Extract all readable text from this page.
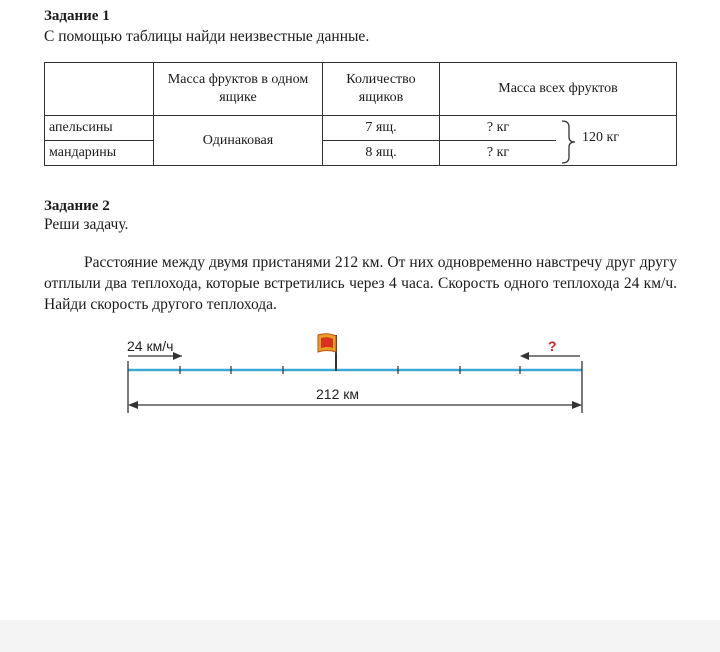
Задание 1
С помощью таблицы найди неизвестные данные.
	Масса фруктов в одном ящике	Количество ящиков	Масса всех фруктов	
апельсины	Одинаковая	7 ящ.	? кг	120 кг

мандарины		8 ящ.	? кг	
Задание 2
Реши задачу.
Расстояние между двумя пристанями 212 км. От них одновременно навстречу друг другу отплыли два теплохода, которые встретились через 4 часа. Скорость одного теплохода 24 км/ч. Найди скорость другого теплохода.
24 км/ч	?
212 км
